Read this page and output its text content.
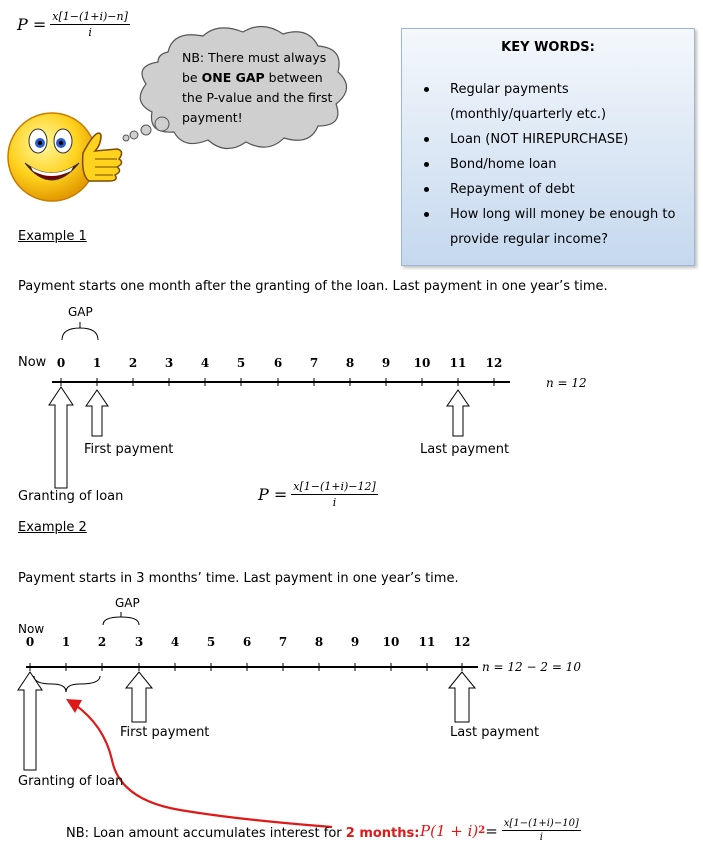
$P = \frac{x[1-(1+i)-n]}{i}$
NB: There must always
be ONE GAP between
the P-value and the first
payment!
KEY WORDS:
Regular payments
(monthly/quarterly etc.)
Loan (NOT HIREPURCHASE)
Bond/home loan
Repayment of debt
How long will money be enough to
provide regular income?
Example 1
Payment starts one month after the granting of the loan. Last payment in one year’s time.
GAP
Now 0	1	2	3	4	5	6	7	8	9	10 11 12
n = 12
First payment	Last payment
Granting of loan	$P = \frac{x[1-(1+i)-12]}{i}$
Example 2
Payment starts in 3 months’ time. Last payment in one year’s time.
GAP
Now
0	1	2	3	4	5	6	7	8	9	10 11 12
n = 12 − 2 = 10
First payment	Last payment
Granting of loan
NB: Loan amount accumulates interest for 2 months: P(1 + i) $2 = \frac{x[1-(1+i)-10]}{i}$
